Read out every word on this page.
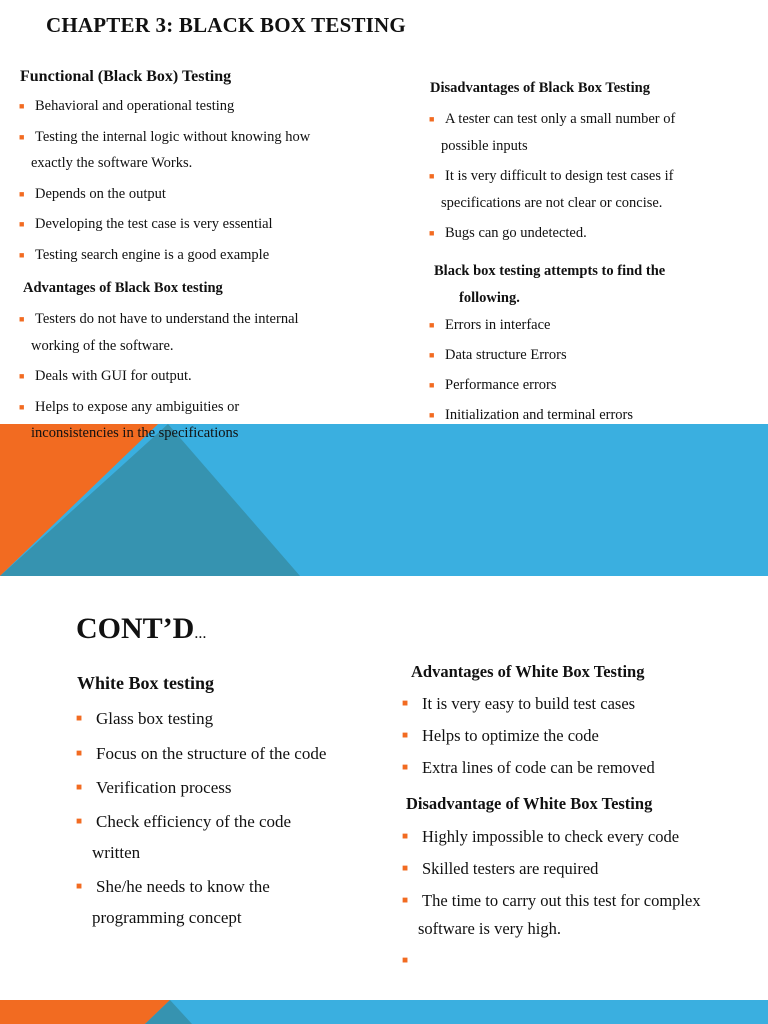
CHAPTER 3: BLACK BOX TESTING
Functional (Black Box) Testing
■ Behavioral and operational testing
■ Testing the internal logic without knowing how
exactly the software Works.
■ Depends on the output
■ Developing the test case is very essential
■ Testing search engine is a good example
Advantages of Black Box testing
■ Testers do not have to understand the internal
working of the software.
■ Deals with GUI for output.
■ Helps to expose any ambiguities or
inconsistencies in the specifications
Disadvantages of Black Box Testing
■ A tester can test only a small number of
possible inputs
■ It is very difficult to design test cases if
specifications are not clear or concise.
■ Bugs can go undetected.
Black box testing attempts to find the
following.
■ Errors in interface
■ Data structure Errors
■ Performance errors
■ Initialization and terminal errors
CONT’D…
White Box testing
■ Glass box testing
■ Focus on the structure of the code
■ Verification process
■ Check efficiency of the code
written
■ She/he needs to know the
programming concept
Advantages of White Box Testing
■ It is very easy to build test cases
■ Helps to optimize the code
■ Extra lines of code can be removed
Disadvantage of White Box Testing
■ Highly impossible to check every code
■ Skilled testers are required
■ The time to carry out this test for complex
software is very high.
■
